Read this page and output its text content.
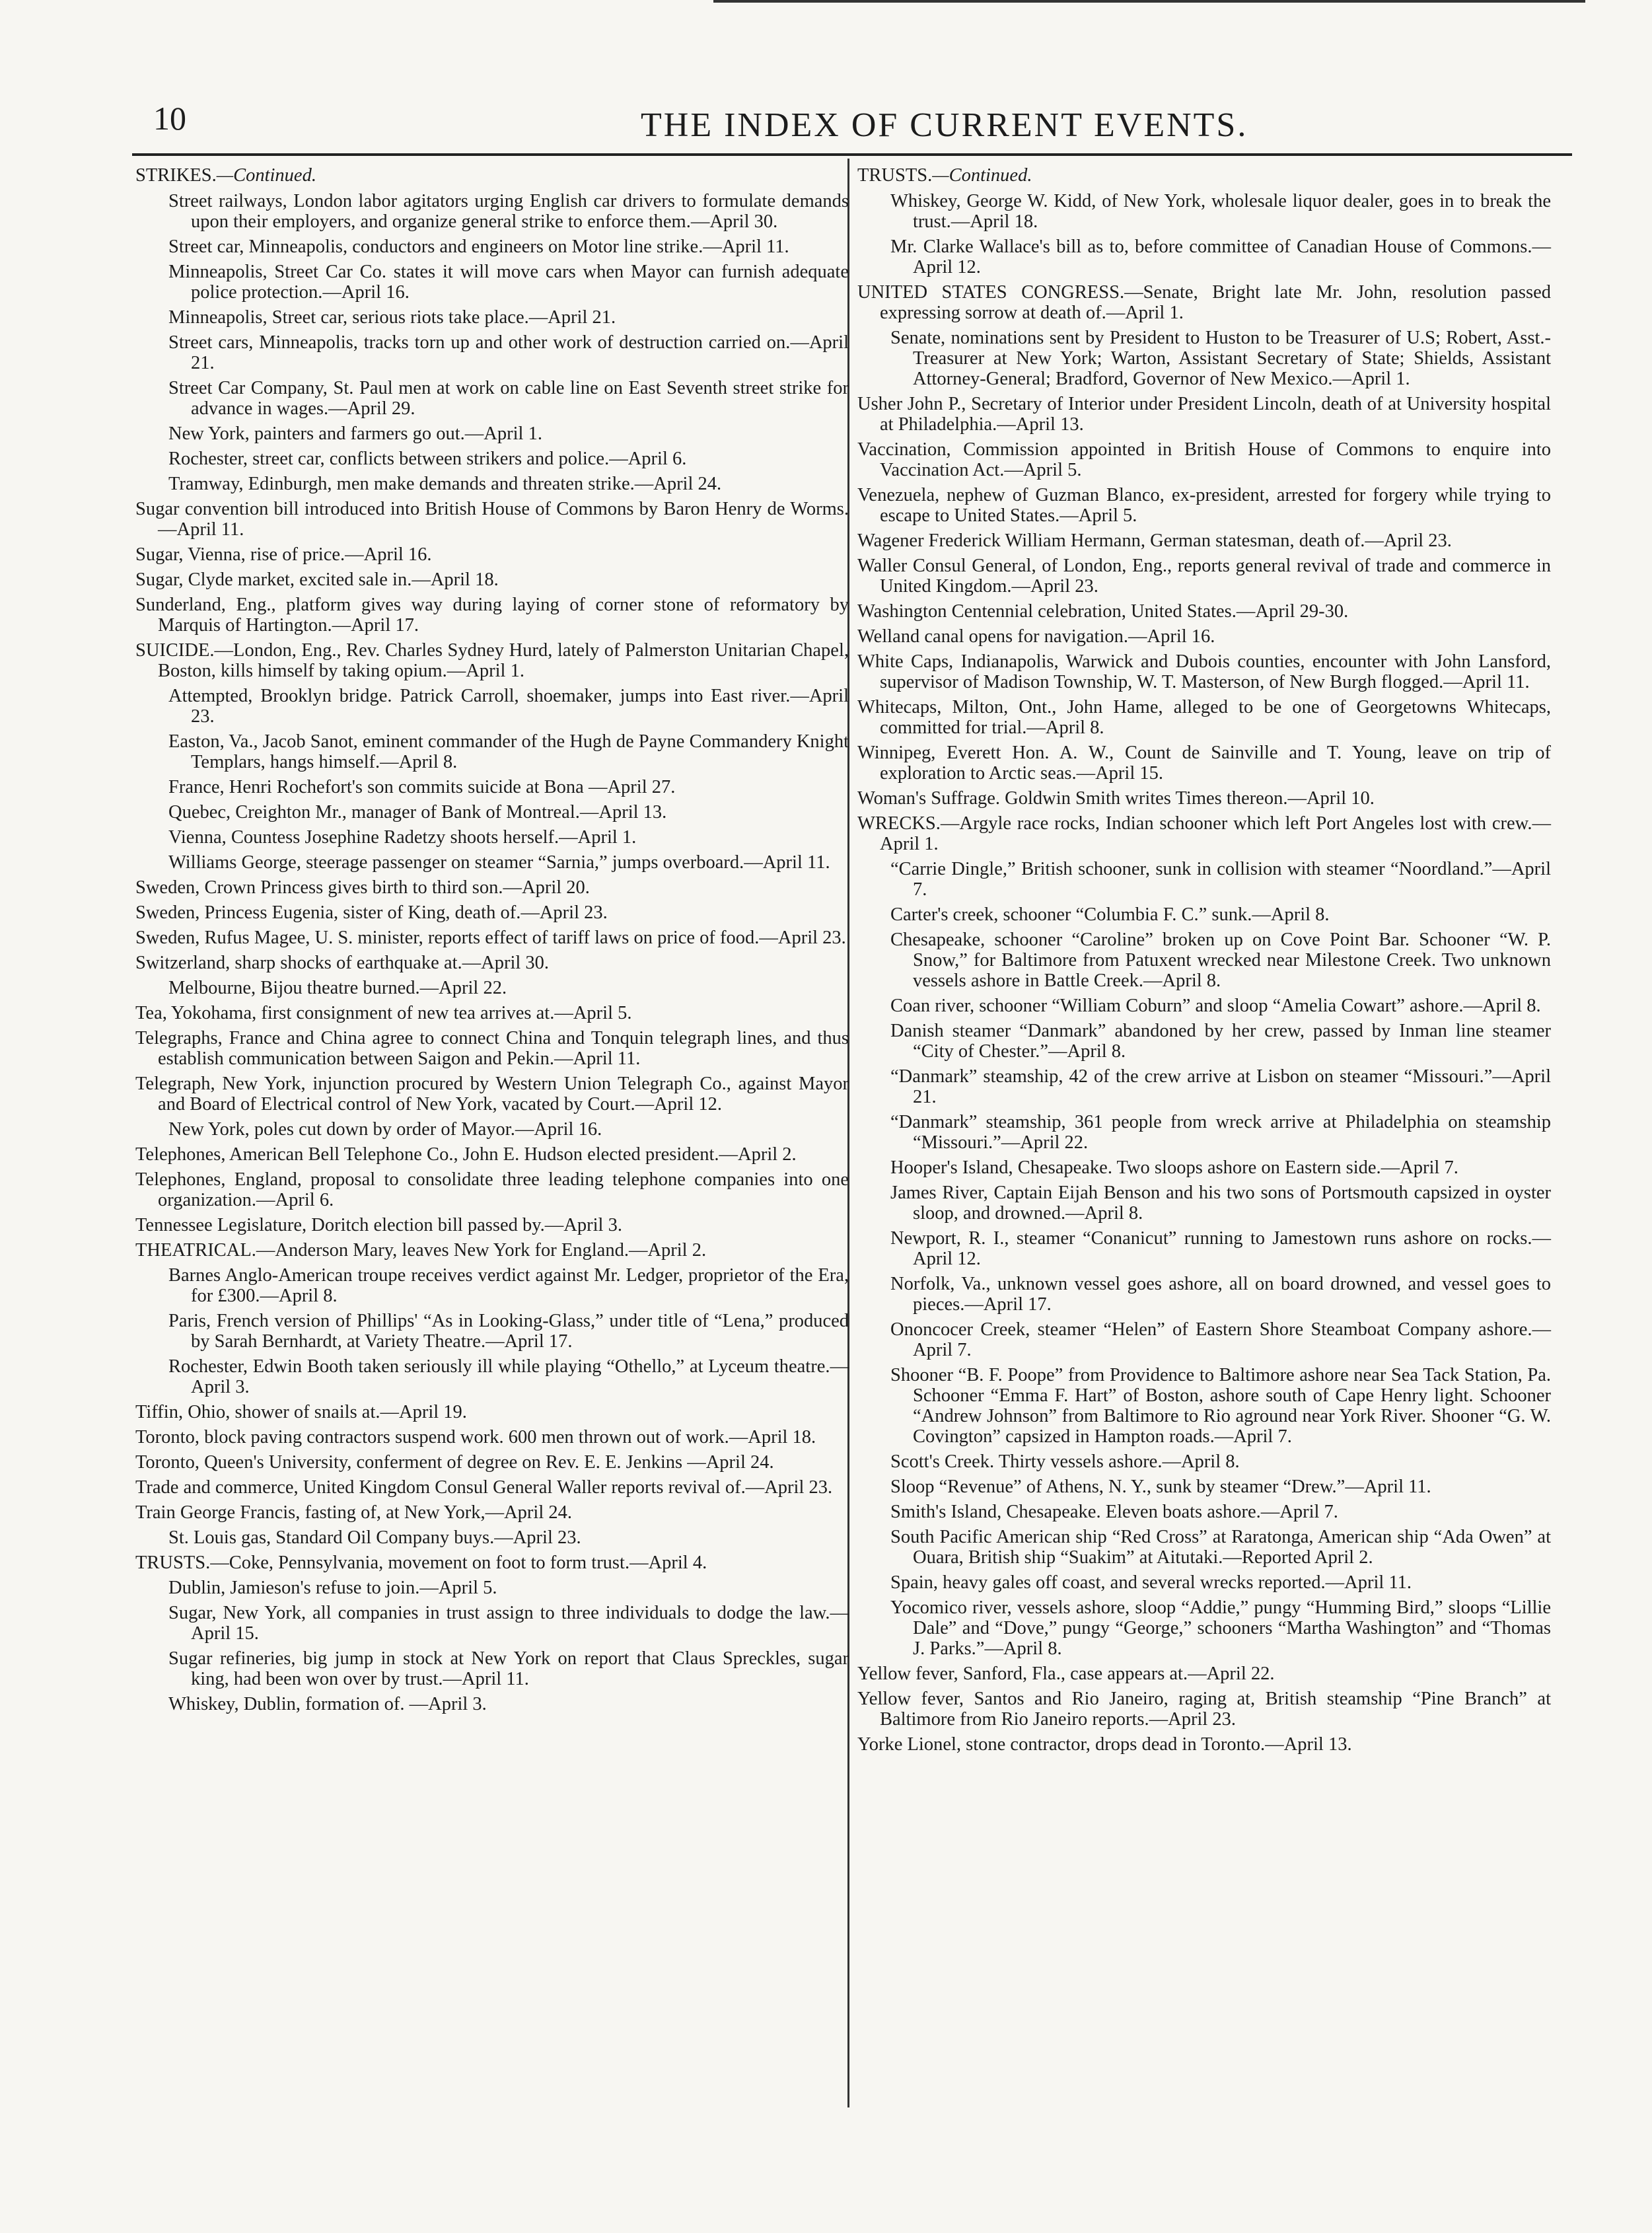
10	THE INDEX OF CURRENT EVENTS.
STRIKES.—Continued.
Street railways, London labor agitators urging English car drivers to formulate demands upon their employers, and organize general strike to enforce them.—April 30.
Street car, Minneapolis, conductors and engineers on Motor line strike.—April 11.
Minneapolis, Street Car Co. states it will move cars when Mayor can furnish adequate police protection.—April 16.
Minneapolis, Street car, serious riots take place.—April 21.
Street cars, Minneapolis, tracks torn up and other work of destruction carried on.—April 21.
Street Car Company, St. Paul men at work on cable line on East Seventh street strike for advance in wages.—April 29.
New York, painters and farmers go out.—April 1.
Rochester, street car, conflicts between strikers and police.—April 6.
Tramway, Edinburgh, men make demands and threaten strike.—April 24.
Sugar convention bill introduced into British House of Commons by Baron Henry de Worms.—April 11.
Sugar, Vienna, rise of price.—April 16.
Sugar, Clyde market, excited sale in.—April 18.
Sunderland, Eng., platform gives way during laying of corner stone of reformatory by Marquis of Hartington.—April 17.
SUICIDE.—London, Eng., Rev. Charles Sydney Hurd, lately of Palmerston Unitarian Chapel, Boston, kills himself by taking opium.—April 1.
Attempted, Brooklyn bridge. Patrick Carroll, shoemaker, jumps into East river.—April 23.
Easton, Va., Jacob Sanot, eminent commander of the Hugh de Payne Commandery Knight Templars, hangs himself.—April 8.
France, Henri Rochefort's son commits suicide at Bona —April 27.
Quebec, Creighton Mr., manager of Bank of Montreal.—April 13.
Vienna, Countess Josephine Radetzy shoots herself.—April 1.
Williams George, steerage passenger on steamer “Sarnia,” jumps overboard.—April 11.
Sweden, Crown Princess gives birth to third son.—April 20.
Sweden, Princess Eugenia, sister of King, death of.—April 23.
Sweden, Rufus Magee, U. S. minister, reports effect of tariff laws on price of food.—April 23.
Switzerland, sharp shocks of earthquake at.—April 30.
Melbourne, Bijou theatre burned.—April 22.
Tea, Yokohama, first consignment of new tea arrives at.—April 5.
Telegraphs, France and China agree to connect China and Tonquin telegraph lines, and thus establish communication between Saigon and Pekin.—April 11.
Telegraph, New York, injunction procured by Western Union Telegraph Co., against Mayor and Board of Electrical control of New York, vacated by Court.—April 12.
New York, poles cut down by order of Mayor.—April 16.
Telephones, American Bell Telephone Co., John E. Hudson elected president.—April 2.
Telephones, England, proposal to consolidate three leading telephone companies into one organization.—April 6.
Tennessee Legislature, Doritch election bill passed by.—April 3.
THEATRICAL.—Anderson Mary, leaves New York for England.—April 2.
Barnes Anglo-American troupe receives verdict against Mr. Ledger, proprietor of the Era, for £300.—April 8.
Paris, French version of Phillips' “As in Looking-Glass,” under title of “Lena,” produced by Sarah Bernhardt, at Variety Theatre.—April 17.
Rochester, Edwin Booth taken seriously ill while playing “Othello,” at Lyceum theatre.—April 3.
Tiffin, Ohio, shower of snails at.—April 19.
Toronto, block paving contractors suspend work. 600 men thrown out of work.—April 18.
Toronto, Queen's University, conferment of degree on Rev. E. E. Jenkins —April 24.
Trade and commerce, United Kingdom Consul General Waller reports revival of.—April 23.
Train George Francis, fasting of, at New York,—April 24.
St. Louis gas, Standard Oil Company buys.—April 23.
TRUSTS.—Coke, Pennsylvania, movement on foot to form trust.—April 4.
Dublin, Jamieson's refuse to join.—April 5.
Sugar, New York, all companies in trust assign to three individuals to dodge the law.—April 15.
Sugar refineries, big jump in stock at New York on report that Claus Spreckles, sugar king, had been won over by trust.—April 11.
Whiskey, Dublin, formation of. —April 3.
TRUSTS.—Continued.
Whiskey, George W. Kidd, of New York, wholesale liquor dealer, goes in to break the trust.—April 18.
Mr. Clarke Wallace's bill as to, before committee of Canadian House of Commons.—April 12.
UNITED STATES CONGRESS.—Senate, Bright late Mr. John, resolution passed expressing sorrow at death of.—April 1.
Senate, nominations sent by President to Huston to be Treasurer of U.S; Robert, Asst.-Treasurer at New York; Warton, Assistant Secretary of State; Shields, Assistant Attorney-General; Bradford, Governor of New Mexico.—April 1.
Usher John P., Secretary of Interior under President Lincoln, death of at University hospital at Philadelphia.—April 13.
Vaccination, Commission appointed in British House of Commons to enquire into Vaccination Act.—April 5.
Venezuela, nephew of Guzman Blanco, ex-president, arrested for forgery while trying to escape to United States.—April 5.
Wagener Frederick William Hermann, German statesman, death of.—April 23.
Waller Consul General, of London, Eng., reports general revival of trade and commerce in United Kingdom.—April 23.
Washington Centennial celebration, United States.—April 29-30.
Welland canal opens for navigation.—April 16.
White Caps, Indianapolis, Warwick and Dubois counties, encounter with John Lansford, supervisor of Madison Township, W. T. Masterson, of New Burgh flogged.—April 11.
Whitecaps, Milton, Ont., John Hame, alleged to be one of Georgetowns Whitecaps, committed for trial.—April 8.
Winnipeg, Everett Hon. A. W., Count de Sainville and T. Young, leave on trip of exploration to Arctic seas.—April 15.
Woman's Suffrage. Goldwin Smith writes Times thereon.—April 10.
WRECKS.—Argyle race rocks, Indian schooner which left Port Angeles lost with crew.—April 1.
“Carrie Dingle,” British schooner, sunk in collision with steamer “Noordland.”—April 7.
Carter's creek, schooner “Columbia F. C.” sunk.—April 8.
Chesapeake, schooner “Caroline” broken up on Cove Point Bar. Schooner “W. P. Snow,” for Baltimore from Patuxent wrecked near Milestone Creek. Two unknown vessels ashore in Battle Creek.—April 8.
Coan river, schooner “William Coburn” and sloop “Amelia Cowart” ashore.—April 8.
Danish steamer “Danmark” abandoned by her crew, passed by Inman line steamer “City of Chester.”—April 8.
“Danmark” steamship, 42 of the crew arrive at Lisbon on steamer “Missouri.”—April 21.
“Danmark” steamship, 361 people from wreck arrive at Philadelphia on steamship “Missouri.”—April 22.
Hooper's Island, Chesapeake. Two sloops ashore on Eastern side.—April 7.
James River, Captain Eijah Benson and his two sons of Portsmouth capsized in oyster sloop, and drowned.—April 8.
Newport, R. I., steamer “Conanicut” running to Jamestown runs ashore on rocks.—April 12.
Norfolk, Va., unknown vessel goes ashore, all on board drowned, and vessel goes to pieces.—April 17.
Ononcocer Creek, steamer “Helen” of Eastern Shore Steamboat Company ashore.—April 7.
Shooner “B. F. Poope” from Providence to Baltimore ashore near Sea Tack Station, Pa. Schooner “Emma F. Hart” of Boston, ashore south of Cape Henry light. Schooner “Andrew Johnson” from Baltimore to Rio aground near York River. Shooner “G. W. Covington” capsized in Hampton roads.—April 7.
Scott's Creek. Thirty vessels ashore.—April 8.
Sloop “Revenue” of Athens, N. Y., sunk by steamer “Drew.”—April 11.
Smith's Island, Chesapeake. Eleven boats ashore.—April 7.
South Pacific American ship “Red Cross” at Raratonga, American ship “Ada Owen” at Ouara, British ship “Suakim” at Aitutaki.—Reported April 2.
Spain, heavy gales off coast, and several wrecks reported.—April 11.
Yocomico river, vessels ashore, sloop “Addie,” pungy “Humming Bird,” sloops “Lillie Dale” and “Dove,” pungy “George,” schooners “Martha Washington” and “Thomas J. Parks.”—April 8.
Yellow fever, Sanford, Fla., case appears at.—April 22.
Yellow fever, Santos and Rio Janeiro, raging at, British steamship “Pine Branch” at Baltimore from Rio Janeiro reports.—April 23.
Yorke Lionel, stone contractor, drops dead in Toronto.—April 13.
